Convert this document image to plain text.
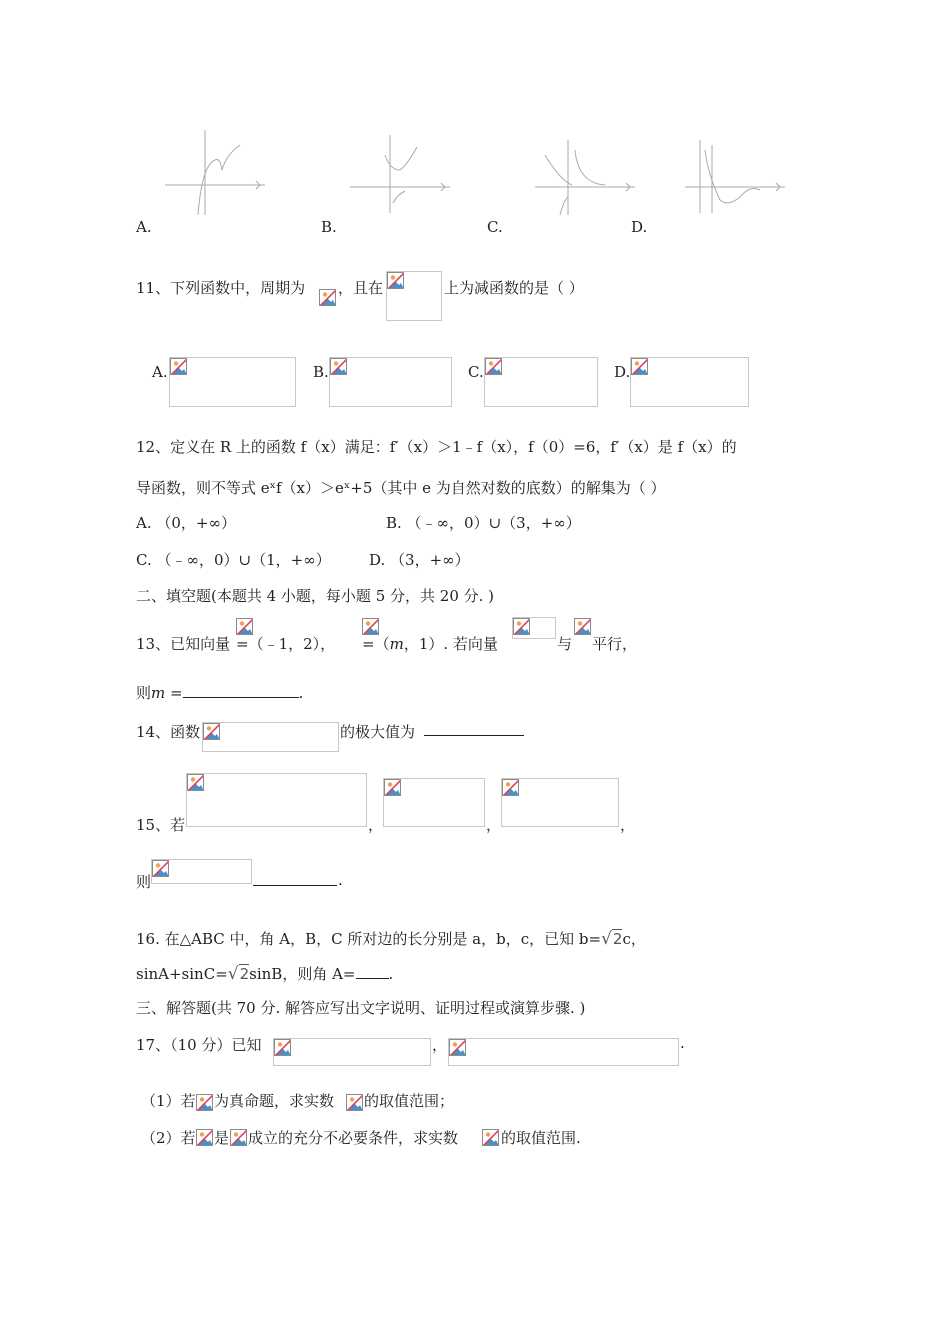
A.	B.	C.	D.
11、下列函数中，周期为 ，且在	上为减函数的是（ ）
A.	B.	C.	D.
12、定义在 R 上的函数 f（x）满足：f′（x）＞1﹣f（x），f（0）=6，f′（x）是 f（x）的
导函数，则不等式 eˣf（x）＞eˣ+5（其中 e 为自然对数的底数）的解集为（ ）
A. （0，+∞）	B. （﹣∞，0）∪（3，+∞）
C. （﹣∞，0）∪（1，+∞）	D. （3，+∞）
二、填空题(本题共 4 小题，每小题 5 分，共 20 分. )
13、已知向量 =（﹣1，2）， =（m，1）. 若向量	与 平行，
则m =	.
14、函数	的极大值为
15、若	，	，	，
则	.
16. 在△ABC 中，角 A，B，C 所对边的长分别是 a，b，c，已知 b=√2c，
sinA+sinC=√2sinB，则角 A= .
三、解答题(共 70 分. 解答应写出文字说明、证明过程或演算步骤. )
17、（10 分）已知	，	.
（1）若 为真命题，求实数 的取值范围；
（2）若 是 成立的充分不必要条件，求实数	的取值范围.
